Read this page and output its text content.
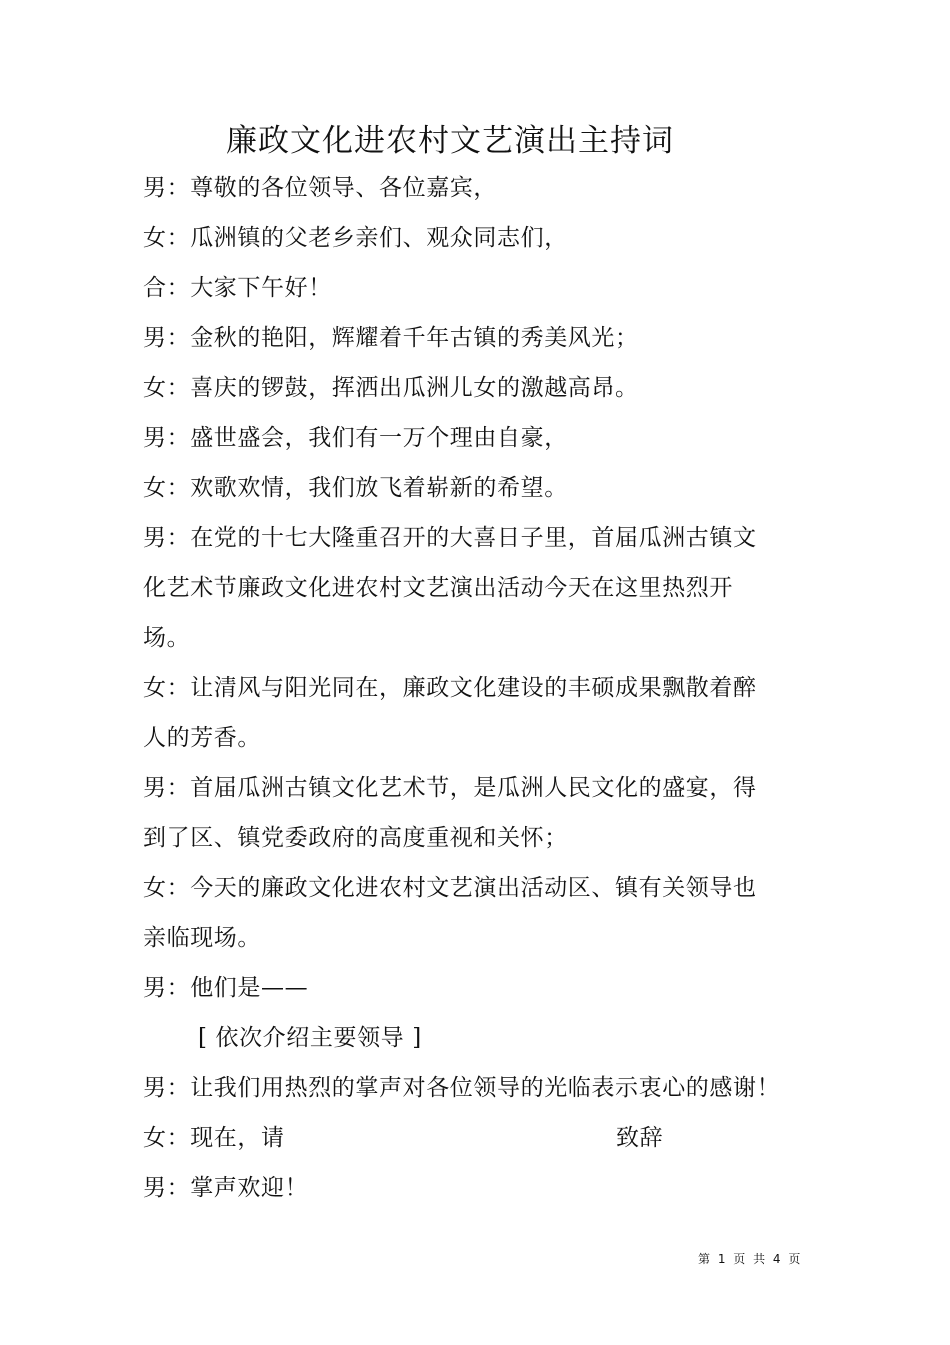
廉政文化进农村文艺演出主持词
男：尊敬的各位领导、各位嘉宾，
女：瓜洲镇的父老乡亲们、观众同志们，
合：大家下午好！
男：金秋的艳阳，辉耀着千年古镇的秀美风光；
女：喜庆的锣鼓，挥洒出瓜洲儿女的激越高昂。
男：盛世盛会，我们有一万个理由自豪，
女：欢歌欢情，我们放飞着崭新的希望。
男：在党的十七大隆重召开的大喜日子里，首届瓜洲古镇文
化艺术节廉政文化进农村文艺演出活动今天在这里热烈开
场。
女：让清风与阳光同在，廉政文化建设的丰硕成果飘散着醉
人的芳香。
男：首届瓜洲古镇文化艺术节，是瓜洲人民文化的盛宴，得
到了区、镇党委政府的高度重视和关怀；
女：今天的廉政文化进农村文艺演出活动区、镇有关领导也
亲临现场。
男：他们是——
[ 依次介绍主要领导 ]
男：让我们用热烈的掌声对各位领导的光临表示衷心的感谢！
女：现在，请	致辞
男：掌声欢迎！
第 1 页 共 4 页
